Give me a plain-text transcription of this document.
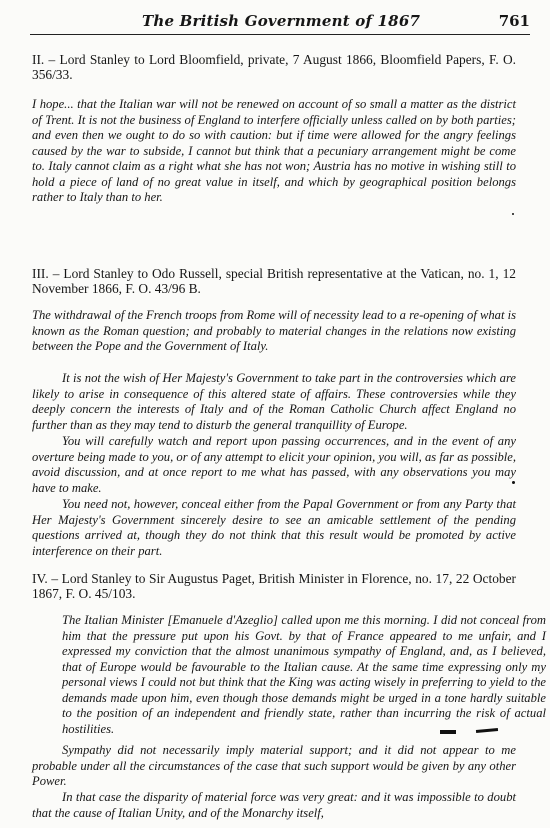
The British Government of 1867	761

II. – Lord Stanley to Lord Bloomfield, private, 7 August 1866, Bloomfield Papers, F. O. 356/33.

I hope... that the Italian war will not be renewed on account of so small a matter as the district of Trent. It is not the business of England to interfere officially unless called on by both parties; and even then we ought to do so with caution: but if time were allowed for the angry feelings caused by the war to subside, I cannot but think that a pecuniary arrangement might be come to. Italy cannot claim as a right what she has not won; Austria has no motive in wishing still to hold a piece of land of no great value in itself, and which by geographical position belongs rather to Italy than to her.

III. – Lord Stanley to Odo Russell, special British representative at the Vatican, no. 1, 12 November 1866, F. O. 43/96 B.

The withdrawal of the French troops from Rome will of necessity lead to a re-opening of what is known as the Roman question; and probably to material changes in the relations now existing between the Pope and the Government of Italy.

It is not the wish of Her Majesty's Government to take part in the controversies which are likely to arise in consequence of this altered state of affairs. These controversies while they deeply concern the interests of Italy and of the Roman Catholic Church affect England no further than as they may tend to disturb the general tranquillity of Europe.

You will carefully watch and report upon passing occurrences, and in the event of any overture being made to you, or of any attempt to elicit your opinion, you will, as far as possible, avoid discussion, and at once report to me what has passed, with any observations you may have to make.

You need not, however, conceal either from the Papal Government or from any Party that Her Majesty's Government sincerely desire to see an amicable settlement of the pending questions arrived at, though they do not think that this result would be promoted by active interference on their part.

IV. – Lord Stanley to Sir Augustus Paget, British Minister in Florence, no. 17, 22 October 1867, F. O. 45/103.

The Italian Minister [Emanuele d'Azeglio] called upon me this morning. I did not conceal from him that the pressure put upon his Govt. by that of France appeared to me unfair, and I expressed my conviction that the almost unanimous sympathy of England, and, as I believed, that of Europe would be favourable to the Italian cause. At the same time expressing only my personal views I could not but think that the King was acting wisely in preferring to yield to the demands made upon him, even though those demands might be urged in a tone hardly suitable to the position of an independent and friendly state, rather than incurring the risk of actual hostilities.

Sympathy did not necessarily imply material support; and it did not appear to me probable under all the circumstances of the case that such support would be given by any other Power.

In that case the disparity of material force was very great: and it was impossible to doubt that the cause of Italian Unity, and of the Monarchy itself,
